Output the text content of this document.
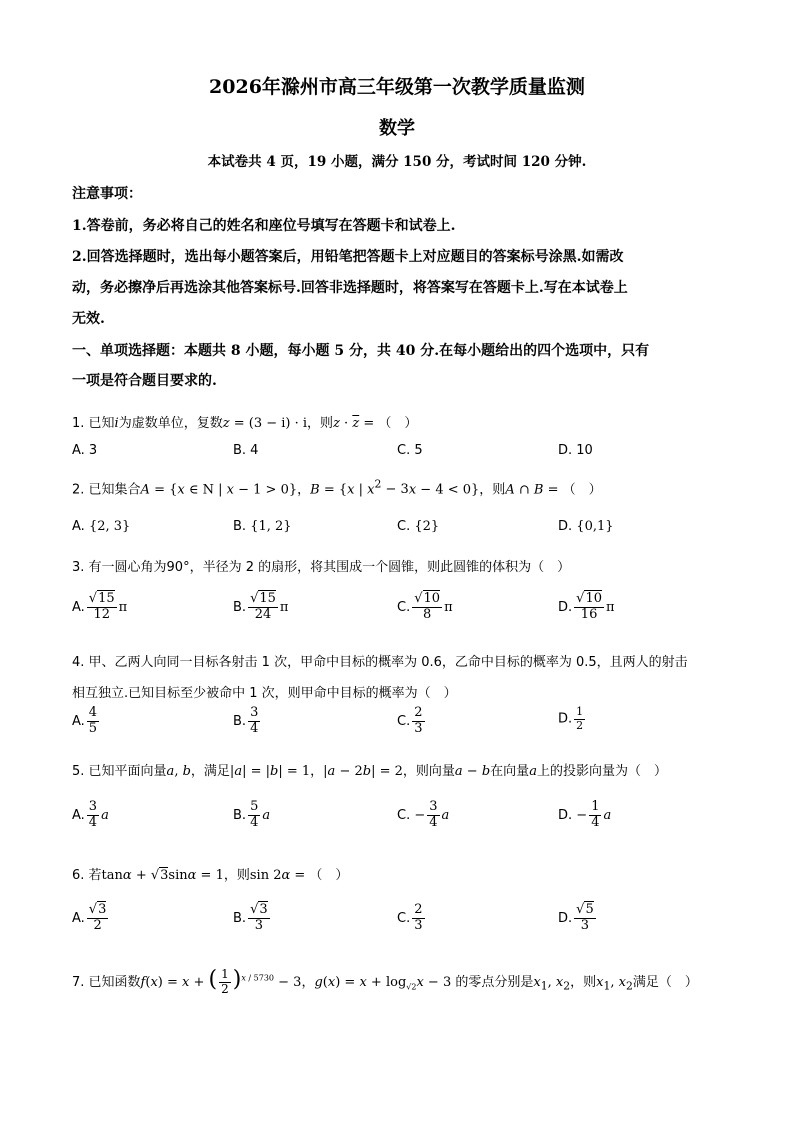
2026年滁州市高三年级第一次教学质量监测
数学
本试卷共 4 页，19 小题，满分 150 分，考试时间 120 分钟.
注意事项：
1.答卷前，务必将自己的姓名和座位号填写在答题卡和试卷上.
2.回答选择题时，选出每小题答案后，用铅笔把答题卡上对应题目的答案标号涂黑.如需改
动，务必擦净后再选涂其他答案标号.回答非选择题时，将答案写在答题卡上.写在本试卷上
无效.
一、单项选择题：本题共 8 小题，每小题 5 分，共 40 分.在每小题给出的四个选项中，只有
一项是符合题目要求的.
1. 已知i为虚数单位，复数z = (3 − i) · i，则$z \cdot \overline{z}$ = （　）
A. 3	B. 4	C. 5	D. 10
2. 已知集合A = {x ∈ N | x − 1 > 0}，B = {x | $x^2 - 3x - 4 < 0$}，则A ∩ B = （　）
A. {2, 3}	B. {1, 2}	C. {2}	D. {0,1}
3. 有一圆心角为90°，半径为 2 的扇形，将其围成一个圆锥，则此圆锥的体积为（　）
A. $\frac{√15}{12}$ π	B. $\frac{√15}{24}$ π	C. $\frac{√10}{8}$ π	D. $\frac{√10}{16}$ π
4. 甲、乙两人向同一目标各射击 1 次，甲命中目标的概率为 0.6，乙命中目标的概率为 0.5，且两人的射击
相互独立.已知目标至少被命中 1 次，则甲命中目标的概率为（　）
A. $\frac{4}{5}$	B. $\frac{3}{4}$	C. $\frac{2}{3}$	D. $\frac{1}{2}$
5. 已知平面向量a, b，满足|a| = |b| = 1，|a − 2b| = 2，则向量a − b在向量a上的投影向量为（　）
A. $\frac{3}{4}$ a	B. $\frac{5}{4}$ a	C. − $\frac{3}{4}$ a	D. − $\frac{1}{4}$ a
6. 若tanα + √3sinα = 1，则sin 2α = （　）
A. $\frac{√3}{2}$	B. $\frac{√3}{3}$	C. $\frac{2}{3}$	D. $\frac{√5}{3}$
7. 已知函数f(x) = x + ( $\frac{1}{2} )^{x / 5730} - 3$，$g(x) = x + \log_{√2}x - 3$ 的零点分别是$x_1$, $x_2$，则$x_1$, $x_2$满足（　）
